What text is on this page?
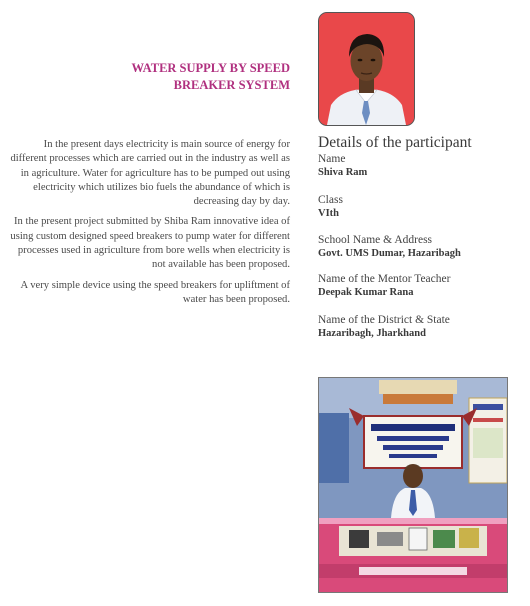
WATER SUPPLY BY SPEED
BREAKER SYSTEM

In the present days electricity is main source of energy for different processes which are carried out in the industry as well as in agriculture. Water for agriculture has to be pumped out using electricity which utilizes bio fuels the abundance of which is decreasing day by day.

In the present project submitted by Shiba Ram innovative idea of using custom designed speed breakers to pump water for different processes used in agriculture from bore wells when electricity is not available has been proposed.

A very simple device using the speed breakers for upliftment of water has been proposed.

Details of the participant
Name
Shiva Ram
Class
VIth
School Name & Address
Govt. UMS Dumar, Hazaribagh
Name of the Mentor Teacher
Deepak Kumar Rana
Name of the District & State
Hazaribagh, Jharkhand
